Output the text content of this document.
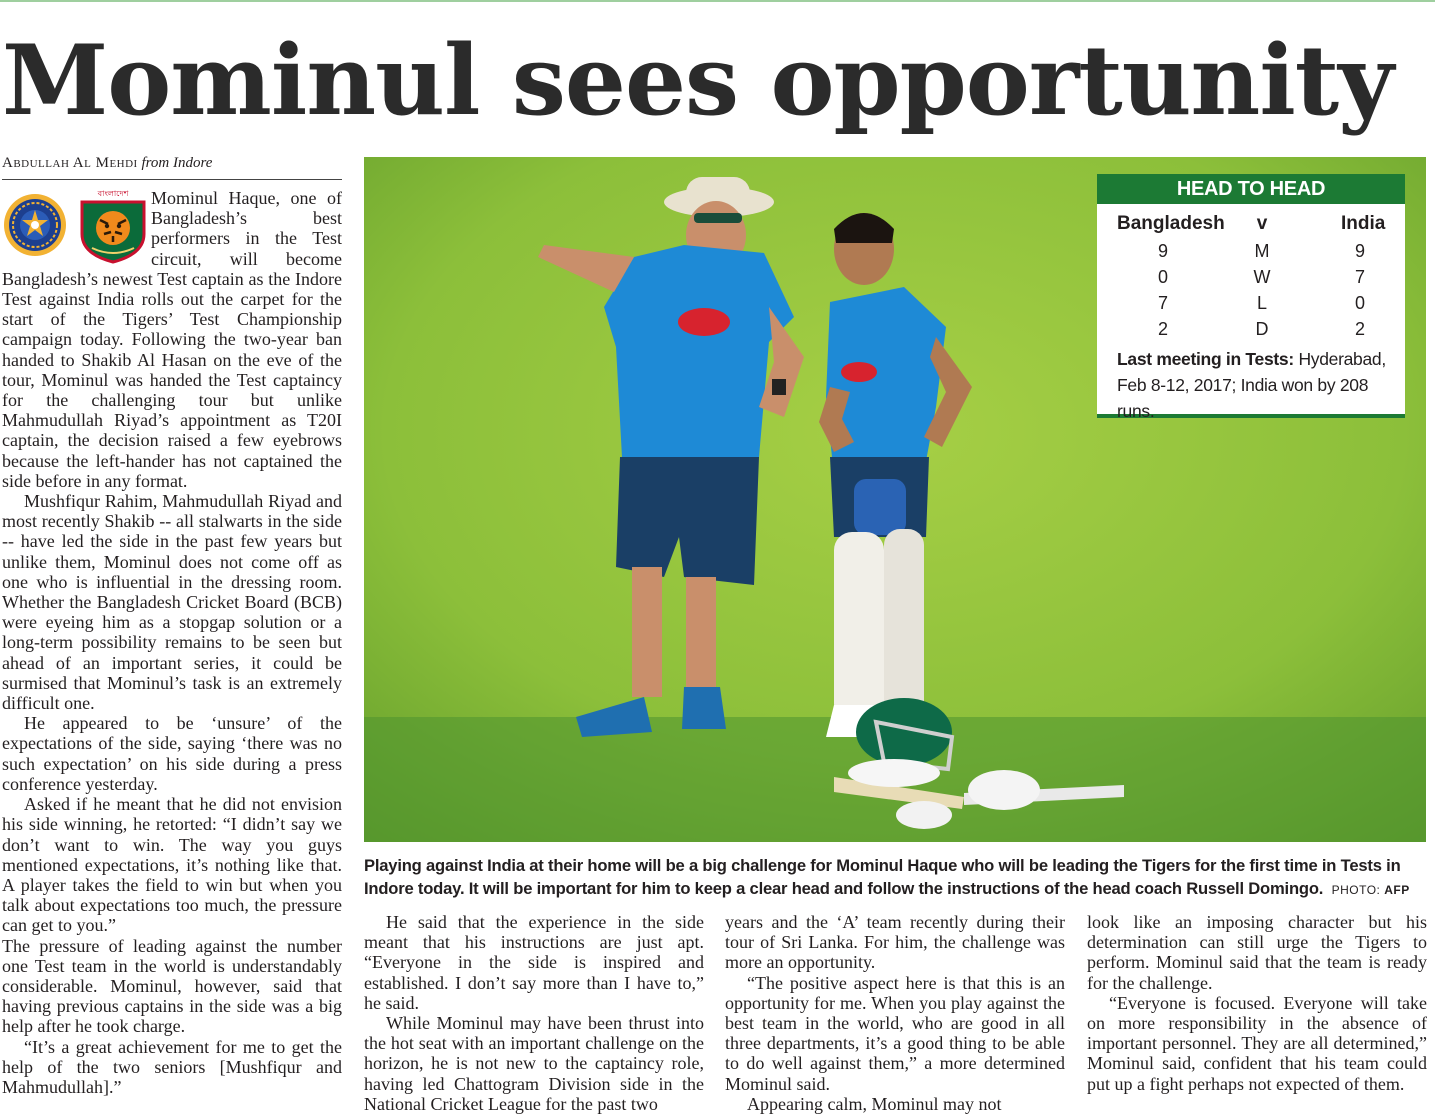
Mominul sees opportunity
Abdullah Al Mehdi from Indore
বাংলাদেশ	Mominul Haque, one of Bangladesh’s best performers in the Test circuit, will become Bangladesh’s newest Test captain as the Indore Test against India rolls out the carpet for the start of the Tigers’ Test Championship campaign today. Following the two-year ban handed to Shakib Al Hasan on the eve of the tour, Mominul was handed the Test captaincy for the challenging tour but unlike Mahmudullah Riyad’s appointment as T20I captain, the decision raised a few eyebrows because the left-hander has not captained the side before in any format.

Mushfiqur Rahim, Mahmudullah Riyad and most recently Shakib -- all stalwarts in the side -- have led the side in the past few years but unlike them, Mominul does not come off as one who is influential in the dressing room. Whether the Bangladesh Cricket Board (BCB) were eyeing him as a stopgap solution or a long-term possibility remains to be seen but ahead of an important series, it could be surmised that Mominul’s task is an extremely difficult one.

He appeared to be ‘unsure’ of the expectations of the side, saying ‘there was no such expectation’ on his side during a press conference yesterday.

Asked if he meant that he did not envision his side winning, he retorted: “I didn’t say we don’t want to win. The way you guys mentioned expectations, it’s nothing like that. A player takes the field to win but when you talk about expectations too much, the pressure can get to you.”

The pressure of leading against the number one Test team in the world is understandably considerable. Mominul, however, said that having previous captains in the side was a big help after he took charge.

“It’s a great achievement for me to get the help of the two seniors [Mushfiqur and Mahmudullah].”

HEAD TO HEAD
Bangladesh	v	India
9	M	9
0	W	7
7	L	0
2	D	2
Last meeting in Tests: Hyderabad, Feb 8-12, 2017; India won by 208 runs.
Playing against India at their home will be a big challenge for Mominul Haque who will be leading the Tigers for the first time in Tests in Indore today. It will be important for him to keep a clear head and follow the instructions of the head coach Russell Domingo. PHOTO: AFP

He said that the experience in the side meant that his instructions are just apt. “Everyone in the side is inspired and established. I don’t say more than I have to,” he said.

While Mominul may have been thrust into the hot seat with an important challenge on the horizon, he is not new to the captaincy role, having led Chattogram Division side in the National Cricket League for the past two

years and the ‘A’ team recently during their tour of Sri Lanka. For him, the challenge was more an opportunity.

“The positive aspect here is that this is an opportunity for me. When you play against the best team in the world, who are good in all three departments, it’s a good thing to be able to do well against them,” a more determined Mominul said.

Appearing calm, Mominul may not

look like an imposing character but his determination can still urge the Tigers to perform. Mominul said that the team is ready for the challenge.

“Everyone is focused. Everyone will take on more responsibility in the absence of important personnel. They are all determined,” Mominul said, confident that his team could put up a fight perhaps not expected of them.
